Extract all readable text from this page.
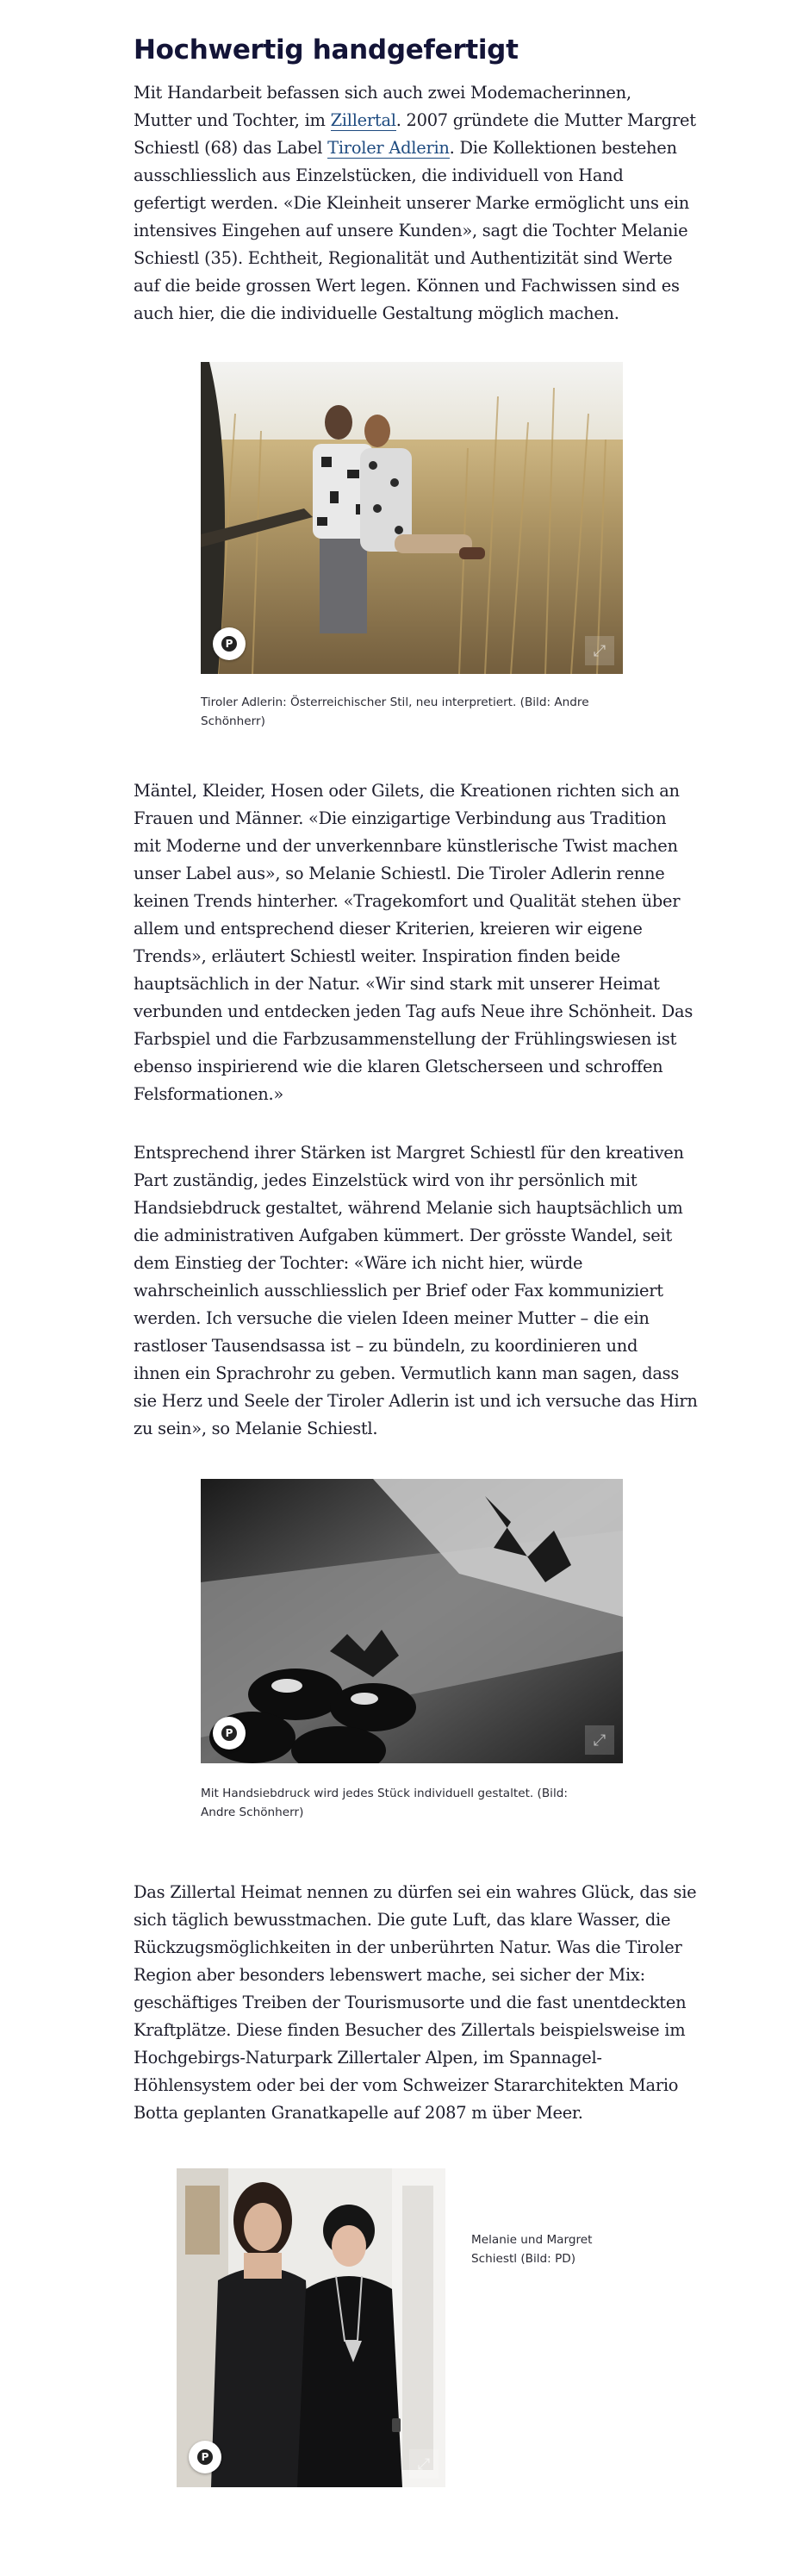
Hochwertig handgefertigt

Mit Handarbeit befassen sich auch zwei Modemacherinnen,
Mutter und Tochter, im Zillertal. 2007 gründete die Mutter Margret
Schiestl (68) das Label Tiroler Adlerin. Die Kollektionen bestehen
ausschliesslich aus Einzelstücken, die individuell von Hand
gefertigt werden. «Die Kleinheit unserer Marke ermöglicht uns ein
intensives Eingehen auf unsere Kunden», sagt die Tochter Melanie
Schiestl (35). Echtheit, Regionalität und Authentizität sind Werte
auf die beide grossen Wert legen. Können und Fachwissen sind es
auch hier, die die individuelle Gestaltung möglich machen.

P	⤢

Tiroler Adlerin: Österreichischer Stil, neu interpretiert. (Bild: Andre
Schönherr)

Mäntel, Kleider, Hosen oder Gilets, die Kreationen richten sich an
Frauen und Männer. «Die einzigartige Verbindung aus Tradition
mit Moderne und der unverkennbare künstlerische Twist machen
unser Label aus», so Melanie Schiestl. Die Tiroler Adlerin renne
keinen Trends hinterher. «Tragekomfort und Qualität stehen über
allem und entsprechend dieser Kriterien, kreieren wir eigene
Trends», erläutert Schiestl weiter. Inspiration finden beide
hauptsächlich in der Natur. «Wir sind stark mit unserer Heimat
verbunden und entdecken jeden Tag aufs Neue ihre Schönheit. Das
Farbspiel und die Farbzusammenstellung der Frühlingswiesen ist
ebenso inspirierend wie die klaren Gletscherseen und schroffen
Felsformationen.»

Entsprechend ihrer Stärken ist Margret Schiestl für den kreativen
Part zuständig, jedes Einzelstück wird von ihr persönlich mit
Handsiebdruck gestaltet, während Melanie sich hauptsächlich um
die administrativen Aufgaben kümmert. Der grösste Wandel, seit
dem Einstieg der Tochter: «Wäre ich nicht hier, würde
wahrscheinlich ausschliesslich per Brief oder Fax kommuniziert
werden. Ich versuche die vielen Ideen meiner Mutter – die ein
rastloser Tausendsassa ist – zu bündeln, zu koordinieren und
ihnen ein Sprachrohr zu geben. Vermutlich kann man sagen, dass
sie Herz und Seele der Tiroler Adlerin ist und ich versuche das Hirn
zu sein», so Melanie Schiestl.

P	⤢

Mit Handsiebdruck wird jedes Stück individuell gestaltet. (Bild:
Andre Schönherr)

Das Zillertal Heimat nennen zu dürfen sei ein wahres Glück, das sie
sich täglich bewusstmachen. Die gute Luft, das klare Wasser, die
Rückzugsmöglichkeiten in der unberührten Natur. Was die Tiroler
Region aber besonders lebenswert mache, sei sicher der Mix:
geschäftiges Treiben der Tourismusorte und die fast unentdeckten
Kraftplätze. Diese finden Besucher des Zillertals beispielsweise im
Hochgebirgs-Naturpark Zillertaler Alpen, im Spannagel-
Höhlensystem oder bei der vom Schweizer Stararchitekten Mario
Botta geplanten Granatkapelle auf 2087 m über Meer.

P	⤢

Melanie und Margret
Schiestl (Bild: PD)
